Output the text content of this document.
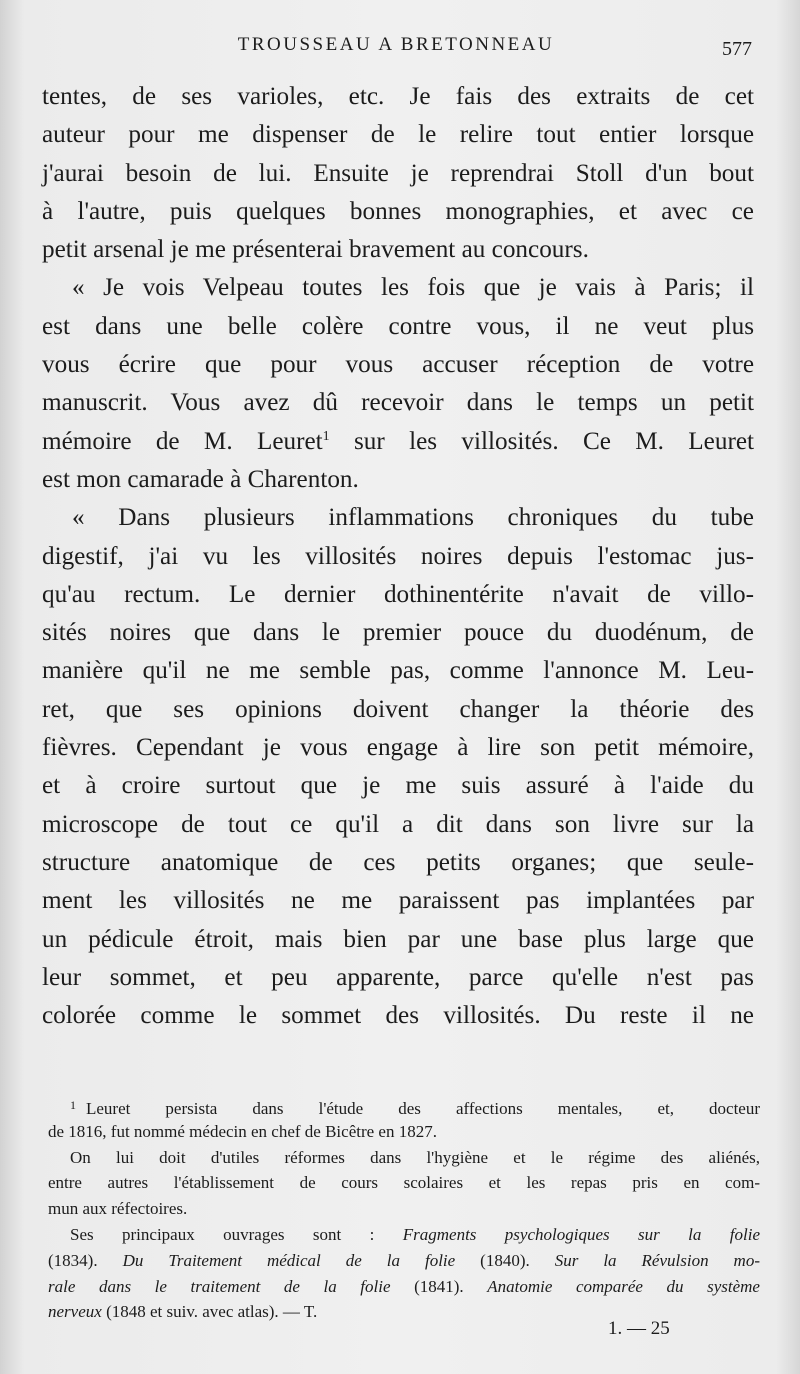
TROUSSEAU A BRETONNEAU	577
tentes, de ses varioles, etc. Je fais des extraits de cet
auteur pour me dispenser de le relire tout entier lorsque
j'aurai besoin de lui. Ensuite je reprendrai Stoll d'un bout
à l'autre, puis quelques bonnes monographies, et avec ce
petit arsenal je me présenterai bravement au concours.
« Je vois Velpeau toutes les fois que je vais à Paris; il
est dans une belle colère contre vous, il ne veut plus
vous écrire que pour vous accuser réception de votre
manuscrit. Vous avez dû recevoir dans le temps un petit
mémoire de M. Leuret$^1$ sur les villosités. Ce M. Leuret
est mon camarade à Charenton.
« Dans plusieurs inflammations chroniques du tube
digestif, j'ai vu les villosités noires depuis l'estomac jus-
qu'au rectum. Le dernier dothinentérite n'avait de villo-
sités noires que dans le premier pouce du duodénum, de
manière qu'il ne me semble pas, comme l'annonce M. Leu-
ret, que ses opinions doivent changer la théorie des
fièvres. Cependant je vous engage à lire son petit mémoire,
et à croire surtout que je me suis assuré à l'aide du
microscope de tout ce qu'il a dit dans son livre sur la
structure anatomique de ces petits organes; que seule-
ment les villosités ne me paraissent pas implantées par
un pédicule étroit, mais bien par une base plus large que
leur sommet, et peu apparente, parce qu'elle n'est pas
colorée comme le sommet des villosités. Du reste il ne
$^1$ Leuret persista dans l'étude des affections mentales, et, docteur
de 1816, fut nommé médecin en chef de Bicêtre en 1827.
On lui doit d'utiles réformes dans l'hygiène et le régime des aliénés,
entre autres l'établissement de cours scolaires et les repas pris en com-
mun aux réfectoires.
Ses principaux ouvrages sont : Fragments psychologiques sur la folie
(1834). Du Traitement médical de la folie (1840). Sur la Révulsion mo-
rale dans le traitement de la folie (1841). Anatomie comparée du système
nerveux (1848 et suiv. avec atlas). — T.
1. — 25
